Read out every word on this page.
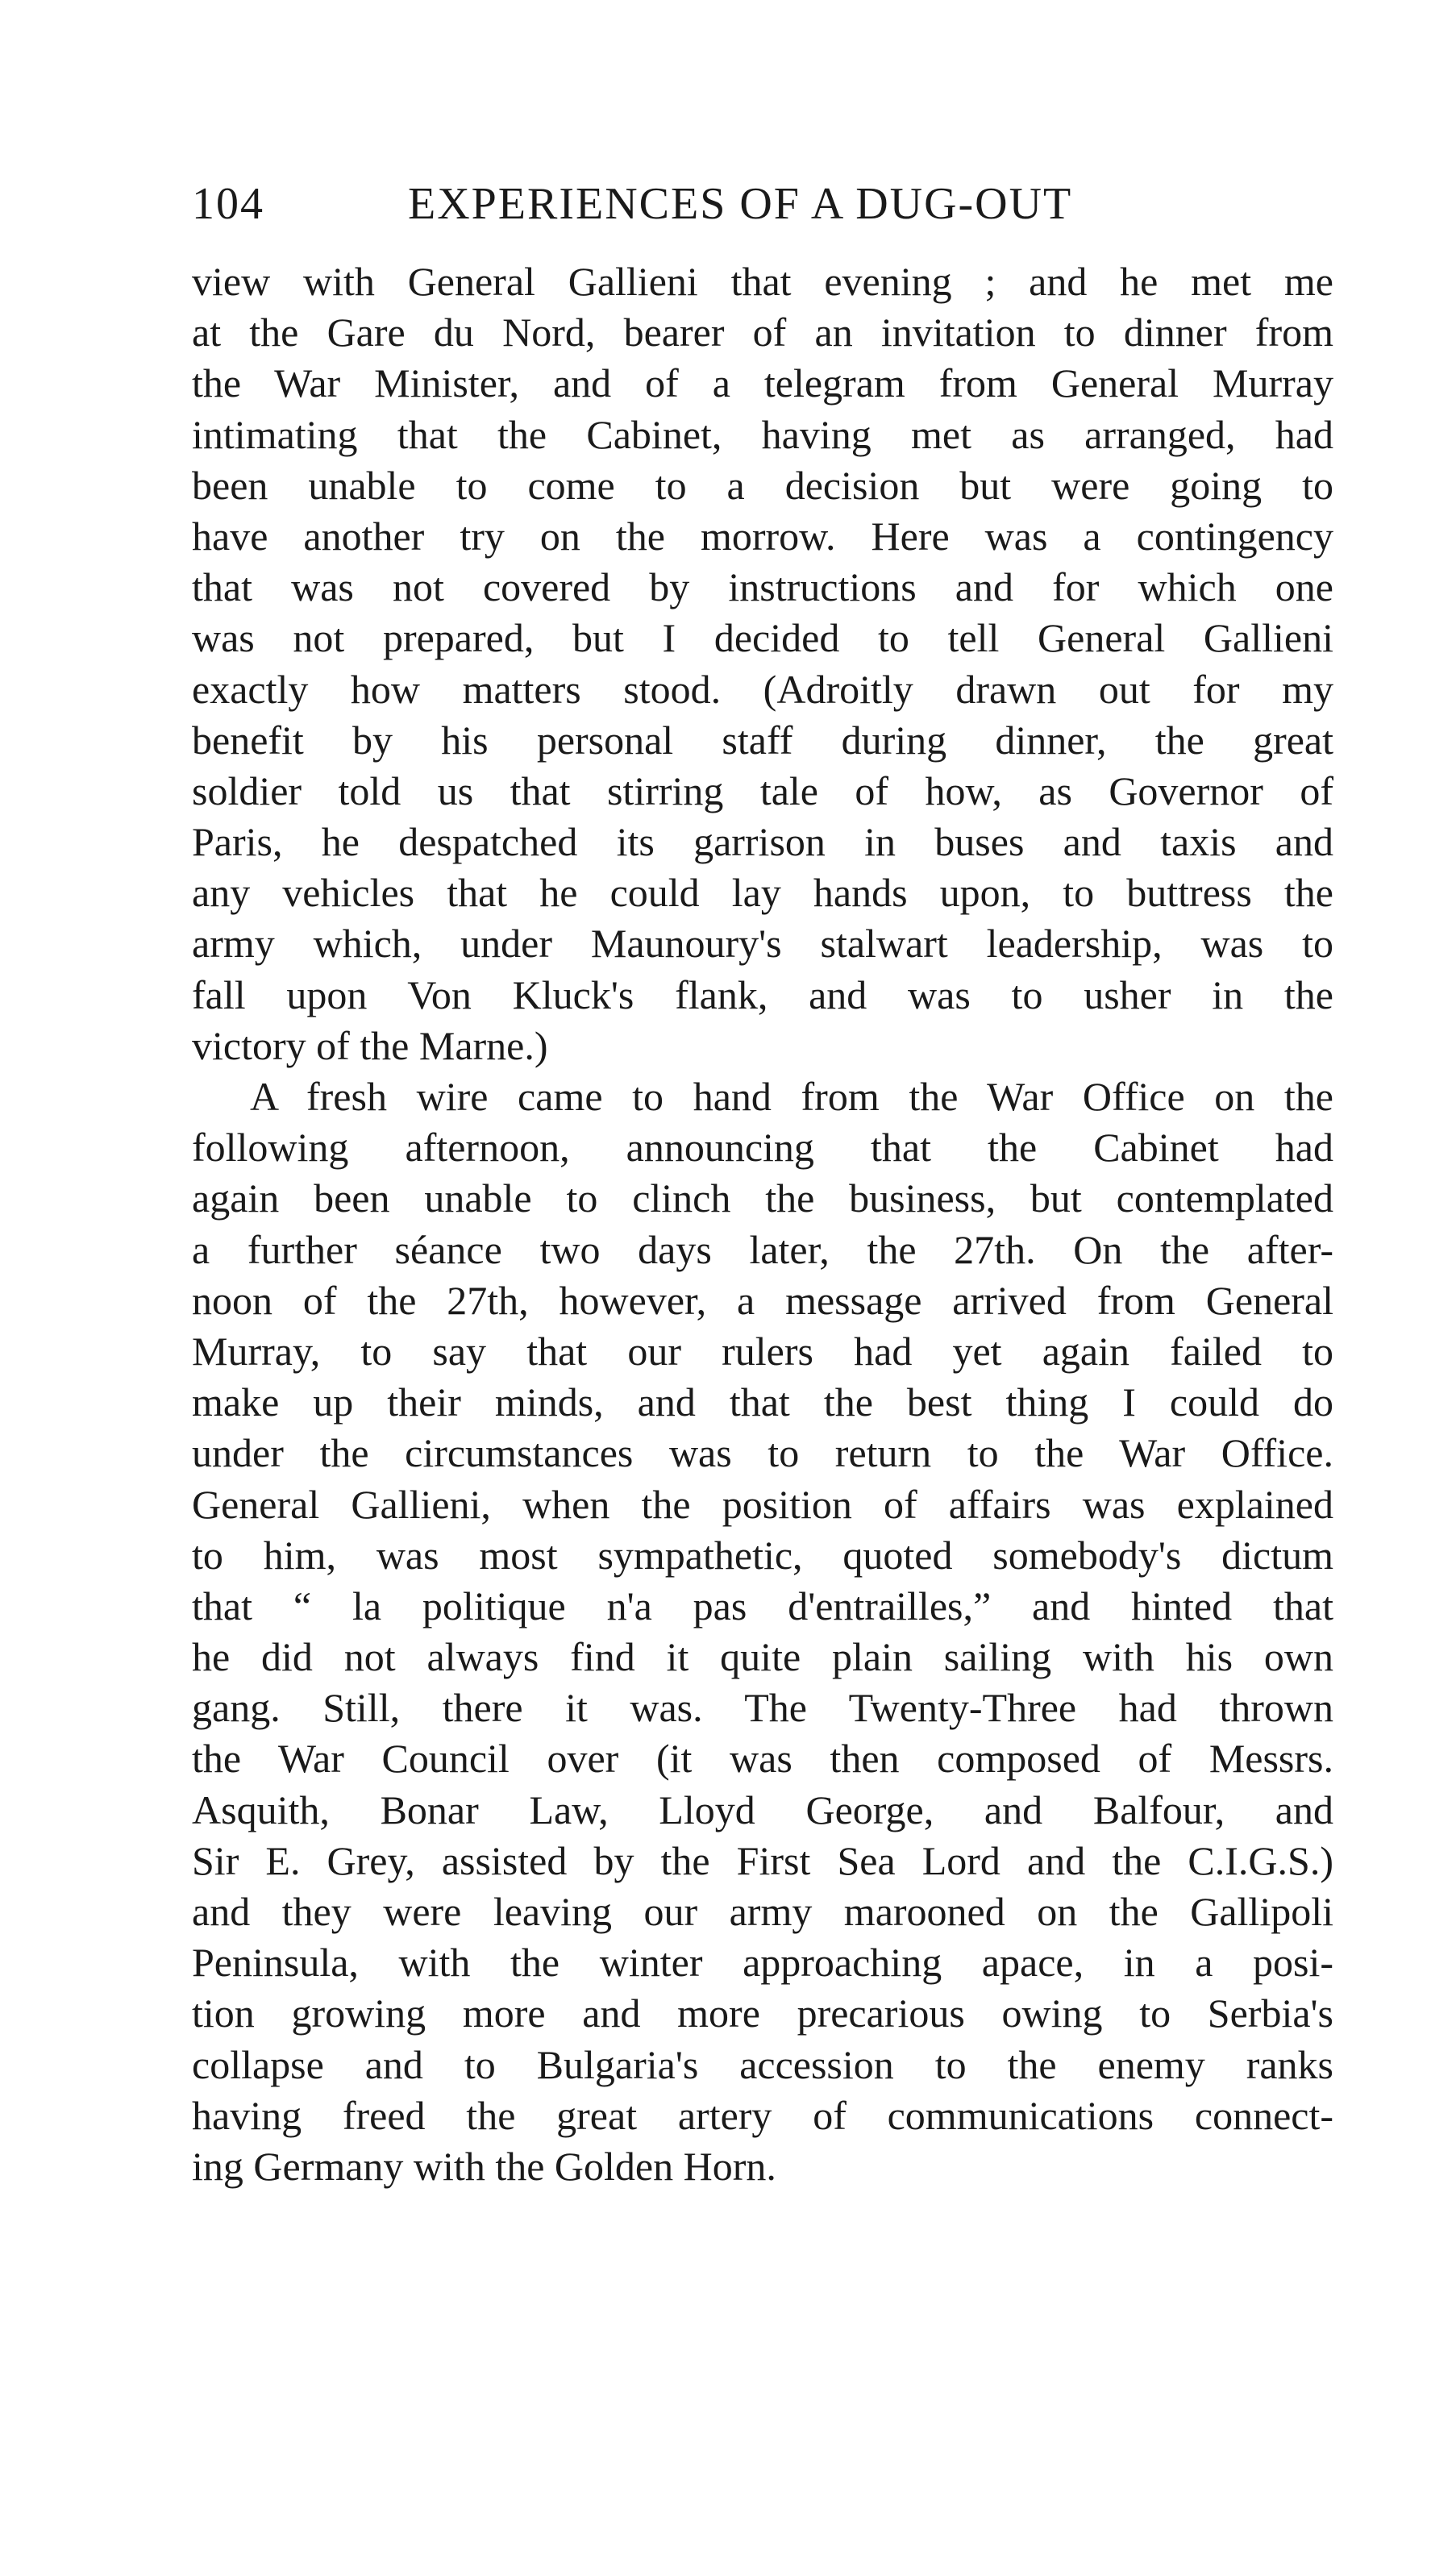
104	EXPERIENCES OF A DUG-OUT
view with General Gallieni that evening ; and he met me
at the Gare du Nord, bearer of an invitation to dinner from
the War Minister, and of a telegram from General Murray
intimating that the Cabinet, having met as arranged, had
been unable to come to a decision but were going to
have another try on the morrow. Here was a contingency
that was not covered by instructions and for which one
was not prepared, but I decided to tell General Gallieni
exactly how matters stood. (Adroitly drawn out for my
benefit by his personal staff during dinner, the great
soldier told us that stirring tale of how, as Governor of
Paris, he despatched its garrison in buses and taxis and
any vehicles that he could lay hands upon, to buttress the
army which, under Maunoury's stalwart leadership, was to
fall upon Von Kluck's flank, and was to usher in the
victory of the Marne.)
A fresh wire came to hand from the War Office on the
following afternoon, announcing that the Cabinet had
again been unable to clinch the business, but contemplated
a further séance two days later, the 27th. On the after-
noon of the 27th, however, a message arrived from General
Murray, to say that our rulers had yet again failed to
make up their minds, and that the best thing I could do
under the circumstances was to return to the War Office.
General Gallieni, when the position of affairs was explained
to him, was most sympathetic, quoted somebody's dictum
that “ la politique n'a pas d'entrailles,” and hinted that
he did not always find it quite plain sailing with his own
gang. Still, there it was. The Twenty-Three had thrown
the War Council over (it was then composed of Messrs.
Asquith, Bonar Law, Lloyd George, and Balfour, and
Sir E. Grey, assisted by the First Sea Lord and the C.I.G.S.)
and they were leaving our army marooned on the Gallipoli
Peninsula, with the winter approaching apace, in a posi-
tion growing more and more precarious owing to Serbia's
collapse and to Bulgaria's accession to the enemy ranks
having freed the great artery of communications connect-
ing Germany with the Golden Horn.
